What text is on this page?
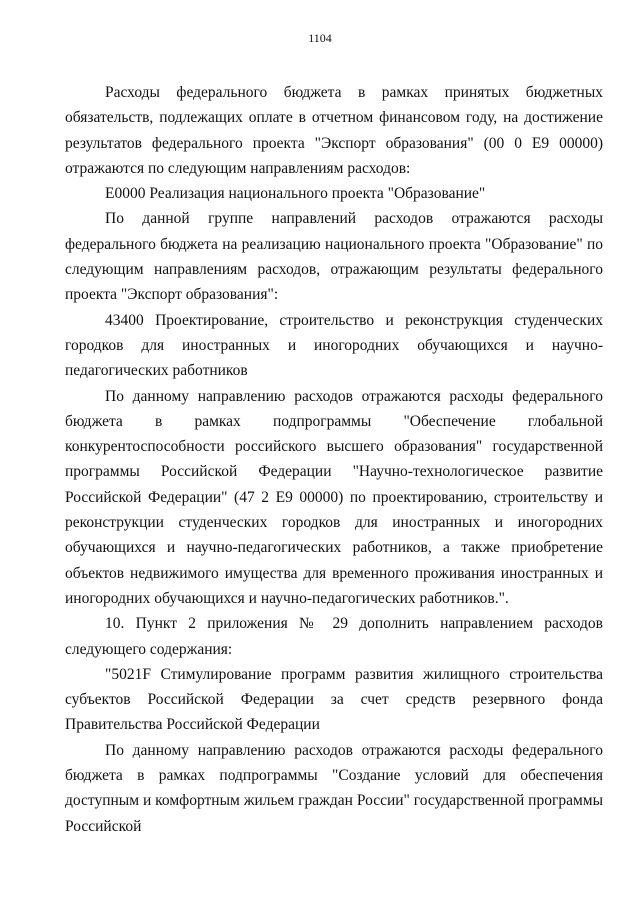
1104

Расходы федерального бюджета в рамках принятых бюджетных обязательств, подлежащих оплате в отчетном финансовом году, на достижение результатов федерального проекта "Экспорт образования" (00 0 Е9 00000) отражаются по следующим направлениям расходов:

Е0000 Реализация национального проекта "Образование"

По данной группе направлений расходов отражаются расходы федерального бюджета на реализацию национального проекта "Образование" по следующим направлениям расходов, отражающим результаты федерального проекта "Экспорт образования":

43400 Проектирование, строительство и реконструкция студенческих городков для иностранных и иногородних обучающихся и научно-педагогических работников

По данному направлению расходов отражаются расходы федерального бюджета в рамках подпрограммы "Обеспечение глобальной конкурентоспособности российского высшего образования" государственной программы Российской Федерации "Научно-технологическое развитие Российской Федерации" (47 2 Е9 00000) по проектированию, строительству и реконструкции студенческих городков для иностранных и иногородних обучающихся и научно-педагогических работников, а также приобретение объектов недвижимого имущества для временного проживания иностранных и иногородних обучающихся и научно-педагогических работников.".

10. Пункт 2 приложения № 29 дополнить направлением расходов следующего содержания:

"5021F Стимулирование программ развития жилищного строительства субъектов Российской Федерации за счет средств резервного фонда Правительства Российской Федерации

По данному направлению расходов отражаются расходы федерального бюджета в рамках подпрограммы "Создание условий для обеспечения доступным и комфортным жильем граждан России" государственной программы Российской
